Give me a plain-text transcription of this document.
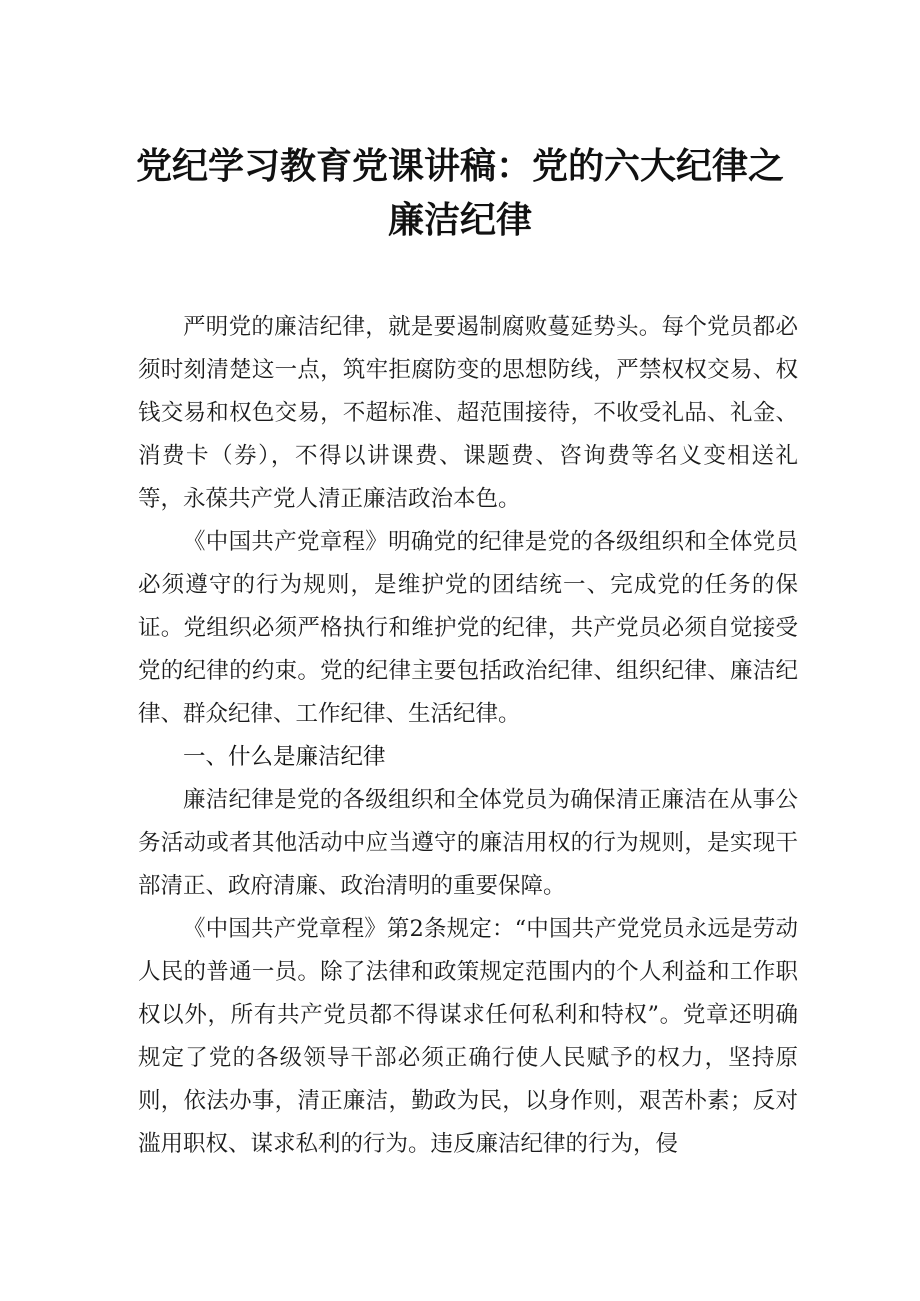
党纪学习教育党课讲稿：党的六大纪律之
廉洁纪律

严明党的廉洁纪律，就是要遏制腐败蔓延势头。每个党员都必须时刻清楚这一点，筑牢拒腐防变的思想防线，严禁权权交易、权钱交易和权色交易，不超标准、超范围接待，不收受礼品、礼金、消费卡（券），不得以讲课费、课题费、咨询费等名义变相送礼等，永葆共产党人清正廉洁政治本色。

《中国共产党章程》明确党的纪律是党的各级组织和全体党员必须遵守的行为规则，是维护党的团结统一、完成党的任务的保证。党组织必须严格执行和维护党的纪律，共产党员必须自觉接受党的纪律的约束。党的纪律主要包括政治纪律、组织纪律、廉洁纪律、群众纪律、工作纪律、生活纪律。

一、什么是廉洁纪律

廉洁纪律是党的各级组织和全体党员为确保清正廉洁在从事公务活动或者其他活动中应当遵守的廉洁用权的行为规则，是实现干部清正、政府清廉、政治清明的重要保障。

《中国共产党章程》第2条规定：“中国共产党党员永远是劳动人民的普通一员。除了法律和政策规定范围内的个人利益和工作职权以外，所有共产党员都不得谋求任何私利和特权”。党章还明确规定了党的各级领导干部必须正确行使人民赋予的权力，坚持原则，依法办事，清正廉洁，勤政为民，以身作则，艰苦朴素；反对滥用职权、谋求私利的行为。违反廉洁纪律的行为，侵
